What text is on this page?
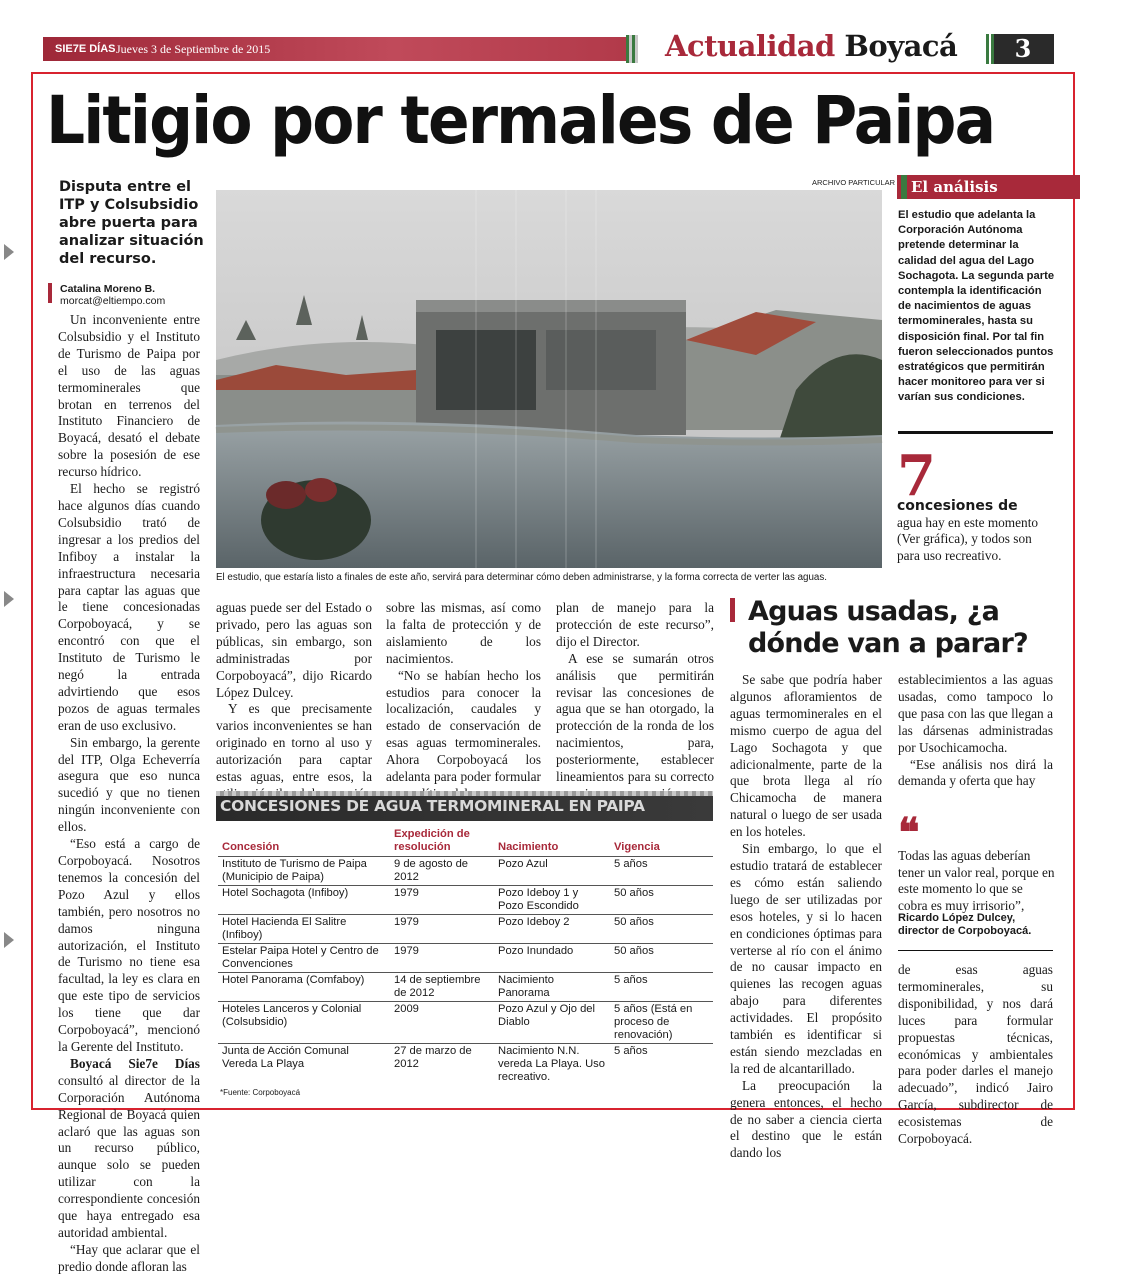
SIE7E DÍAS Jueves 3 de Septiembre de 2015	Actualidad Boyacá	3
Litigio por termales de Paipa
Disputa entre el ITP y Colsubsidio abre puerta para analizar situación del recurso.
Catalina Moreno B.
morcat@eltiempo.com

Un inconveniente entre Colsubsidio y el Instituto de Turismo de Paipa por el uso de las aguas termominerales que brotan en terrenos del Instituto Financiero de Boyacá, desató el debate sobre la posesión de ese recurso hídrico.

El hecho se registró hace algunos días cuando Colsubsidio trató de ingresar a los predios del Infiboy a instalar la infraestructura necesaria para captar las aguas que le tiene concesionadas Corpoboyacá, y se encontró con que el Instituto de Turismo le negó la entrada advirtiendo que esos pozos de aguas termales eran de uso exclusivo.

Sin embargo, la gerente del ITP, Olga Echeverría asegura que eso nunca sucedió y que no tienen ningún inconveniente con ellos.

“Eso está a cargo de Corpoboyacá. Nosotros tenemos la concesión del Pozo Azul y ellos también, pero nosotros no damos ninguna autorización, el Instituto de Turismo no tiene esa facultad, la ley es clara en que este tipo de servicios los tiene que dar Corpoboyacá”, mencionó la Gerente del Instituto.

Boyacá Sie7e Días consultó al director de la Corporación Autónoma Regional de Boyacá quien aclaró que las aguas son un recurso público, aunque solo se pueden utilizar con la correspondiente concesión que haya entregado esa autoridad ambiental.

“Hay que aclarar que el predio donde afloran las

ARCHIVO PARTICULAR
El estudio, que estaría listo a finales de este año, servirá para determinar cómo deben administrarse, y la forma correcta de verter las aguas.

aguas puede ser del Estado o privado, pero las aguas son públicas, sin embargo, son administradas por Corpoboyacá”, dijo Ricardo López Dulcey.

Y es que precisamente varios inconvenientes se han originado en torno al uso y autorización para captar estas aguas, entre esos, la

sobre las mismas, así como la falta de protección y de aislamiento de los nacimientos.

“No se habían hecho los estudios para conocer la localización, caudales y estado de conservación de esas aguas termominerales. Ahora Corpoboyacá los adelanta para poder formular

plan de manejo para la protección de este recurso”, dijo el Director.

A ese se sumarán otros análisis que permitirán revisar las concesiones de agua que se han otorgado, la protección de la ronda de los nacimientos, para, posteriormente, establecer lineamientos para su correcto

CONCESIONES DE AGUA TERMOMINERAL EN PAIPA
Concesión	Expedición de resolución	Nacimiento	Vigencia
Instituto de Turismo de Paipa (Municipio de Paipa)	9 de agosto de 2012	Pozo Azul	5 años
Hotel Sochagota (Infiboy)	1979	Pozo Ideboy 1 y Pozo Escondido	50 años
Hotel Hacienda El Salitre (Infiboy)	1979	Pozo Ideboy 2	50 años
Estelar Paipa Hotel y Centro de Convenciones	1979	Pozo Inundado	50 años
Hotel Panorama (Comfaboy)	14 de septiembre de 2012	Nacimiento Panorama	5 años
Hoteles Lanceros y Colonial (Colsubsidio)	2009	Pozo Azul y Ojo del Diablo	5 años (Está en proceso de renovación)
Junta de Acción Comunal Vereda La Playa	27 de marzo de 2012	Nacimiento N.N. vereda La Playa. Uso recreativo.	5 años
*Fuente: Corpoboyacá
El análisis
El estudio que adelanta la Corporación Autónoma pretende determinar la calidad del agua del Lago Sochagota. La segunda parte contempla la identificación de nacimientos de aguas termominerales, hasta su disposición final. Por tal fin fueron seleccionados puntos estratégicos que permitirán hacer monitoreo para ver si varían sus condiciones.
7
concesiones de
agua hay en este momento (Ver gráfica), y todos son para uso recreativo.
Aguas usadas, ¿a dónde van a parar?

Se sabe que podría haber algunos afloramientos de aguas termominerales en el mismo cuerpo de agua del Lago Sochagota y que adicionalmente, parte de la que brota llega al río Chicamocha de manera natural o luego de ser usada en los hoteles.

Sin embargo, lo que el estudio tratará de establecer es cómo están saliendo luego de ser utilizadas por esos hoteles, y si lo hacen en condiciones óptimas para verterse al río con el ánimo de no causar impacto en quienes las recogen aguas abajo para diferentes actividades. El propósito también es identificar si están siendo mezcladas en la red de alcantarillado.

La preocupación la genera entonces, el hecho de no saber a ciencia cierta el destino que le están dando los

establecimientos a las aguas usadas, como tampoco lo que pasa con las que llegan a las dársenas administradas por Usochicamocha.

“Ese análisis nos dirá la demanda y oferta que hay

❝
Todas las aguas deberían tener un valor real, porque en este momento lo que se cobra es muy irrisorio”,
Ricardo López Dulcey, director de Corpoboyacá.

de esas aguas termominerales, su disponibilidad, y nos dará luces para formular propuestas técnicas, económicas y ambientales para poder darles el manejo adecuado”, indicó Jairo García, subdirector de ecosistemas de Corpoboyacá.
